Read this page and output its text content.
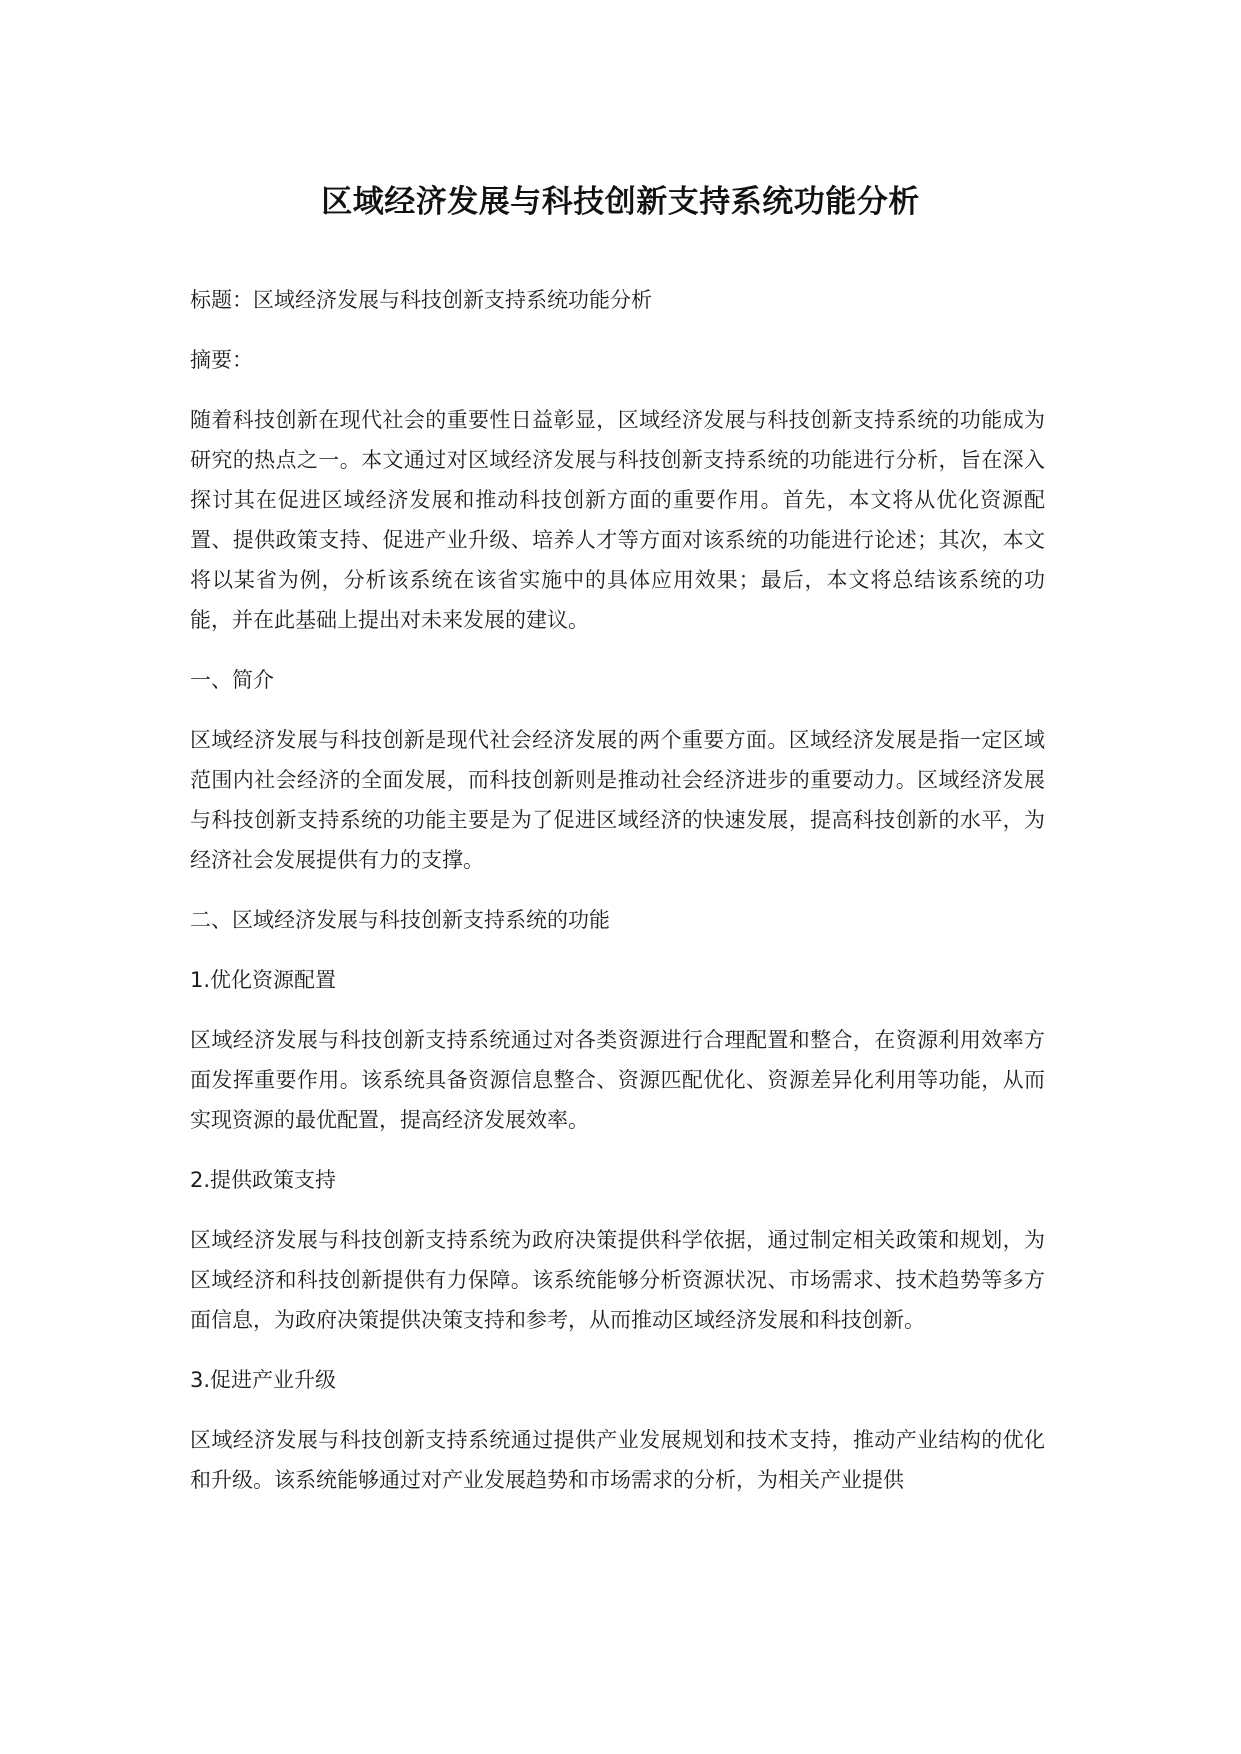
区域经济发展与科技创新支持系统功能分析
标题：区域经济发展与科技创新支持系统功能分析
摘要：

随着科技创新在现代社会的重要性日益彰显，区域经济发展与科技创新支持系统的功能成为研究的热点之一。本文通过对区域经济发展与科技创新支持系统的功能进行分析，旨在深入探讨其在促进区域经济发展和推动科技创新方面的重要作用。首先，本文将从优化资源配置、提供政策支持、促进产业升级、培养人才等方面对该系统的功能进行论述；其次，本文将以某省为例，分析该系统在该省实施中的具体应用效果；最后，本文将总结该系统的功能，并在此基础上提出对未来发展的建议。

一、简介

区域经济发展与科技创新是现代社会经济发展的两个重要方面。区域经济发展是指一定区域范围内社会经济的全面发展，而科技创新则是推动社会经济进步的重要动力。区域经济发展与科技创新支持系统的功能主要是为了促进区域经济的快速发展，提高科技创新的水平，为经济社会发展提供有力的支撑。

二、区域经济发展与科技创新支持系统的功能
1.优化资源配置

区域经济发展与科技创新支持系统通过对各类资源进行合理配置和整合，在资源利用效率方面发挥重要作用。该系统具备资源信息整合、资源匹配优化、资源差异化利用等功能，从而实现资源的最优配置，提高经济发展效率。

2.提供政策支持

区域经济发展与科技创新支持系统为政府决策提供科学依据，通过制定相关政策和规划，为区域经济和科技创新提供有力保障。该系统能够分析资源状况、市场需求、技术趋势等多方面信息，为政府决策提供决策支持和参考，从而推动区域经济发展和科技创新。

3.促进产业升级

区域经济发展与科技创新支持系统通过提供产业发展规划和技术支持，推动产业结构的优化和升级。该系统能够通过对产业发展趋势和市场需求的分析，为相关产业提供
